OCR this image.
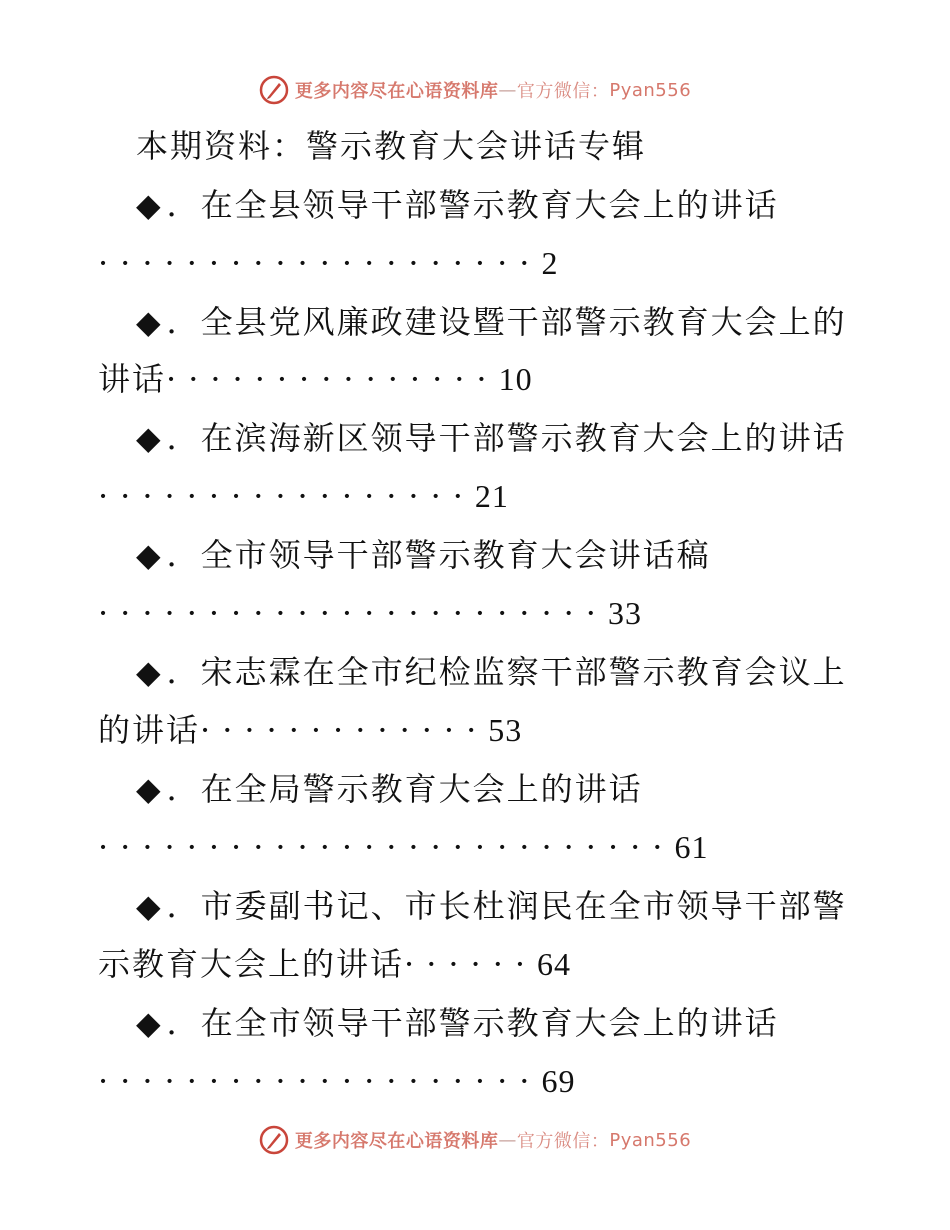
更多内容尽在心语资料库 — 官方微信： Pyan556
本期资料：警示教育大会讲话专辑
◆ ．在全县领导干部警示教育大会上的讲话
····················2
◆ ．全县党风廉政建设暨干部警示教育大会上的
讲话···············10
◆ ．在滨海新区领导干部警示教育大会上的讲话
·················21
◆ ．全市领导干部警示教育大会讲话稿
·······················33
◆ ．宋志霖在全市纪检监察干部警示教育会议上
的讲话·············53
◆ ．在全局警示教育大会上的讲话
··························61
◆ ．市委副书记、市长杜润民在全市领导干部警
示教育大会上的讲话······64
◆ ．在全市领导干部警示教育大会上的讲话
····················69
更多内容尽在心语资料库 — 官方微信： Pyan556
